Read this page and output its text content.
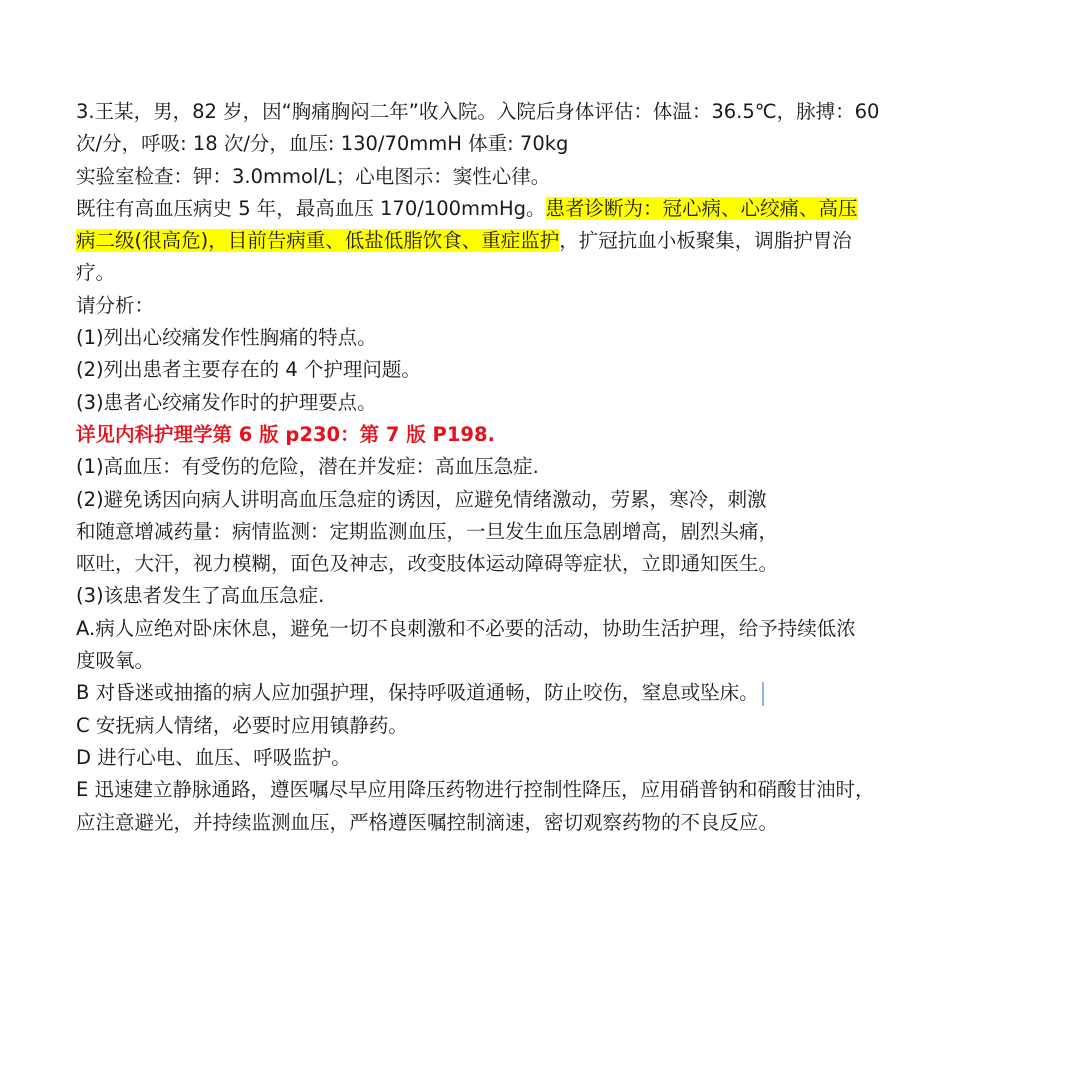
3.王某，男，82 岁，因“胸痛胸闷二年”收入院。入院后身体评估：体温：36.5℃，脉搏：60
次/分，呼吸: 18 次/分，血压: 130/70mmH 体重: 70kg
实验室检查：钾：3.0mmol/L；心电图示：窦性心律。
既往有高血压病史 5 年，最高血压 170/100mmHg。患者诊断为：冠心病、心绞痛、高压
病二级(很高危)，目前告病重、低盐低脂饮食、重症监护，扩冠抗血小板聚集，调脂护胃治
疗。
请分析：
(1)列出心绞痛发作性胸痛的特点。
(2)列出患者主要存在的 4 个护理问题。
(3)患者心绞痛发作时的护理要点。
详见内科护理学第 6 版 p230：第 7 版 P198.
(1)高血压：有受伤的危险，潜在并发症：高血压急症.
(2)避免诱因向病人讲明高血压急症的诱因，应避免情绪激动，劳累，寒冷，刺激
和随意增减药量：病情监测：定期监测血压，一旦发生血压急剧增高，剧烈头痛，
呕吐，大汗，视力模糊，面色及神志，改变肢体运动障碍等症状，立即通知医生。
(3)该患者发生了高血压急症.
A.病人应绝对卧床休息，避免一切不良刺激和不必要的活动，协助生活护理，给予持续低浓
度吸氧。
B 对昏迷或抽搐的病人应加强护理，保持呼吸道通畅，防止咬伤，窒息或坠床。
C 安抚病人情绪，必要时应用镇静药。
D 进行心电、血压、呼吸监护。
E 迅速建立静脉通路，遵医嘱尽早应用降压药物进行控制性降压，应用硝普钠和硝酸甘油时，
应注意避光，并持续监测血压，严格遵医嘱控制滴速，密切观察药物的不良反应。
